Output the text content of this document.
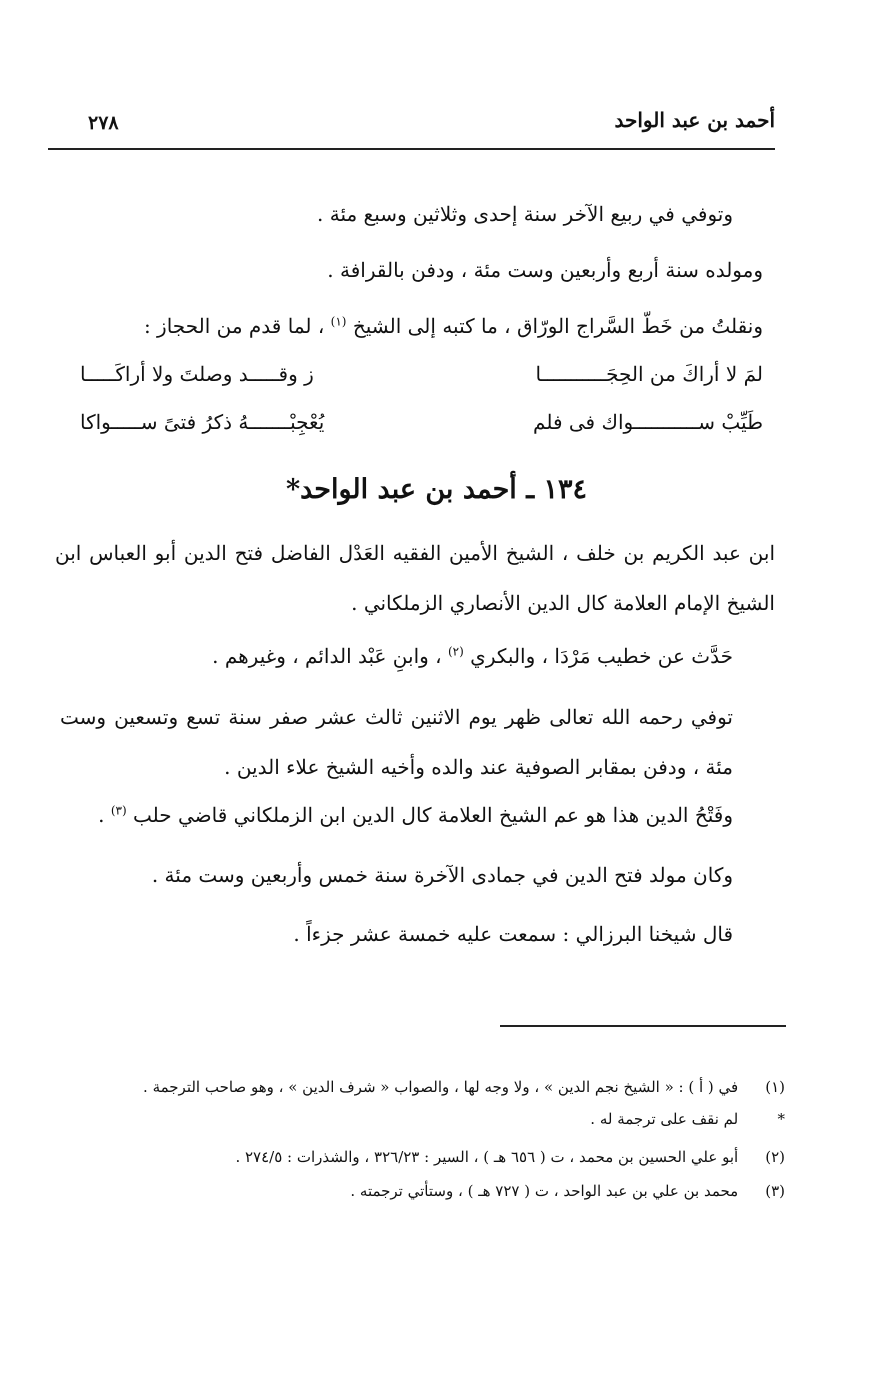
أحمد بن عبد الواحد
٢٧٨
وتوفي في ربيع الآخر سنة إحدى وثلاثين وسبع مئة .
ومولده سنة أربع وأربعين وست مئة ، ودفن بالقرافة .
ونقلتُ من خَطّ السَّراج الورّاق ، ما كتبه إلى الشيخ $^{(١)}$ ، لما قدم من الحجاز :
لمَ لا أراكَ من الحِجَـــــــــــا
ز وقـــــد وصلتَ ولا أراكَـــــا
طَيِّبْ ســـــــــــواك فى فلم
يُعْجِبْـــــــهُ ذكرُ فتىً ســـــواكا
١٣٤ ـ أحمد بن عبد الواحد*
ابن عبد الكريم بن خلف ، الشيخ الأمين الفقيه العَدْل الفاضل فتح الدين أبو العباس ابن الشيخ الإمام العلامة كال الدين الأنصاري الزملكاني .
حَدَّث عن خطيب مَرْدَا ، والبكري $^{(٢)}$ ، وابنِ عَبْد الدائم ، وغيرهم .
توفي رحمه الله تعالى ظهر يوم الاثنين ثالث عشر صفر سنة تسع وتسعين وست مئة ، ودفن بمقابر الصوفية عند والده وأخيه الشيخ علاء الدين .
وفَتْحُ الدين هذا هو عم الشيخ العلامة كال الدين ابن الزملكاني قاضي حلب $^{(٣)}$ .
وكان مولد فتح الدين في جمادى الآخرة سنة خمس وأربعين وست مئة .
قال شيخنا البرزالي : سمعت عليه خمسة عشر جزءاً .
(١) في ( أ ) : « الشيخ نجم الدين » ، ولا وجه لها ، والصواب « شرف الدين » ، وهو صاحب الترجمة .
* لم نقف على ترجمة له .
(٢) أبو علي الحسين بن محمد ، ت ( ٦٥٦ هـ ) ، السير : ٣٢٦/٢٣ ، والشذرات : ٢٧٤/٥ .
(٣) محمد بن علي بن عبد الواحد ، ت ( ٧٢٧ هـ ) ، وستأتي ترجمته .
